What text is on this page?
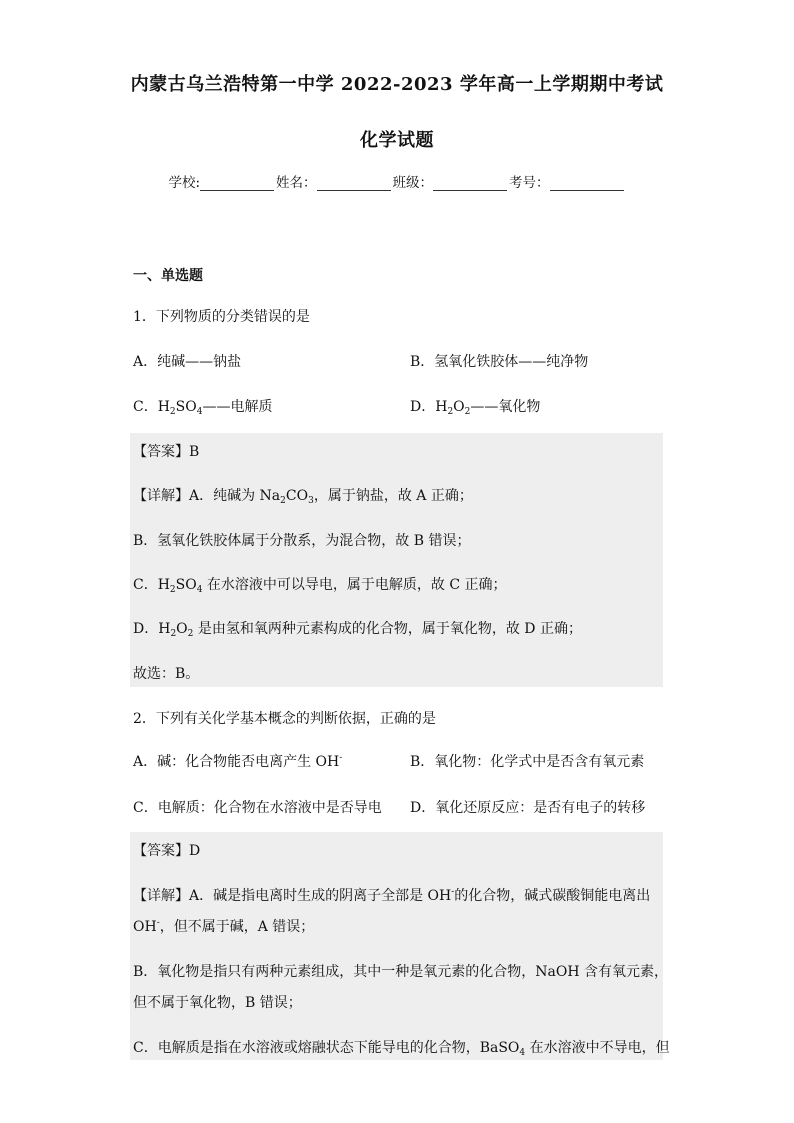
内蒙古乌兰浩特第一中学 2022-2023 学年高一上学期期中考试
化学试题
学校:	姓名：	班级：	考号：
一、单选题
1．下列物质的分类错误的是
A．纯碱——钠盐	B．氢氧化铁胶体——纯净物
C．$H_2SO_4——$电解质	D．$H_2O_2——$氧化物
【答案】B
【详解】A．纯碱为 $Na_2CO_3$，属于钠盐，故 A 正确；
B．氢氧化铁胶体属于分散系，为混合物，故 B 错误；
C．$H_2SO_4$ 在水溶液中可以导电，属于电解质，故 C 正确；
D．$H_2O_2$ 是由氢和氧两种元素构成的化合物，属于氧化物，故 D 正确；
故选：B。
2．下列有关化学基本概念的判断依据，正确的是
A．碱：化合物能否电离产生 OH-	B．氧化物：化学式中是否含有氧元素
C．电解质：化合物在水溶液中是否导电 D．氧化还原反应：是否有电子的转移
【答案】D
【详解】A．碱是指电离时生成的阴离子全部是 OH-的化合物，碱式碳酸铜能电离出
OH-，但不属于碱，A 错误；
B．氧化物是指只有两种元素组成，其中一种是氧元素的化合物，NaOH 含有氧元素，
但不属于氧化物，B 错误；
C．电解质是指在水溶液或熔融状态下能导电的化合物，BaSO$_4$ 在水溶液中不导电，但
